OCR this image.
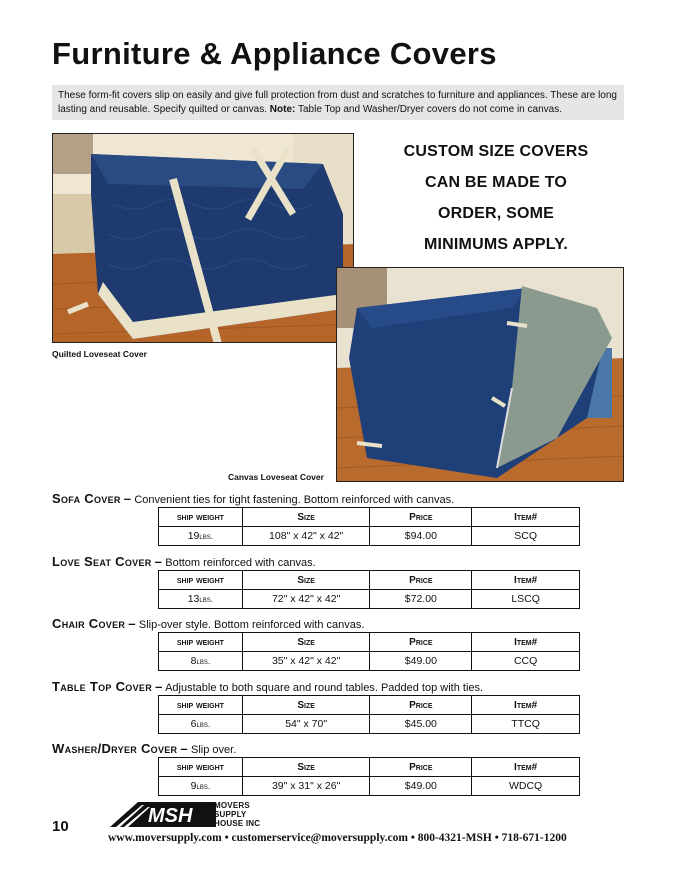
Furniture & Appliance Covers
These form-fit covers slip on easily and give full protection from dust and scratches to furniture and appliances. These are long lasting and reusable. Specify quilted or canvas. Note: Table Top and Washer/Dryer covers do not come in canvas.
Quilted Loveseat Cover
CUSTOM SIZE COVERS
CAN BE MADE TO
ORDER, SOME
MINIMUMS APPLY.
Canvas Loveseat Cover
Sofa Cover – Convenient ties for tight fastening. Bottom reinforced with canvas.
ship weight	Size	Price	Item#
19lbs.	108" x 42" x 42"	$94.00	SCQ
Love Seat Cover – Bottom reinforced with canvas.
ship weight	Size	Price	Item#
13lbs.	72" x 42" x 42"	$72.00	LSCQ
Chair Cover – Slip-over style. Bottom reinforced with canvas.
ship weight	Size	Price	Item#
8lbs.	35" x 42" x 42"	$49.00	CCQ
Table Top Cover – Adjustable to both square and round tables. Padded top with ties.
ship weight	Size	Price	Item#
6lbs.	54" x 70"	$45.00	TTCQ
Washer/Dryer Cover – Slip over.
ship weight	Size	Price	Item#
9lbs.	39" x 31" x 26"	$49.00	WDCQ
10	MSH	MOVERS
SUPPLY
HOUSE INC
www.moversupply.com • customerservice@moversupply.com • 800-4321-MSH • 718-671-1200
